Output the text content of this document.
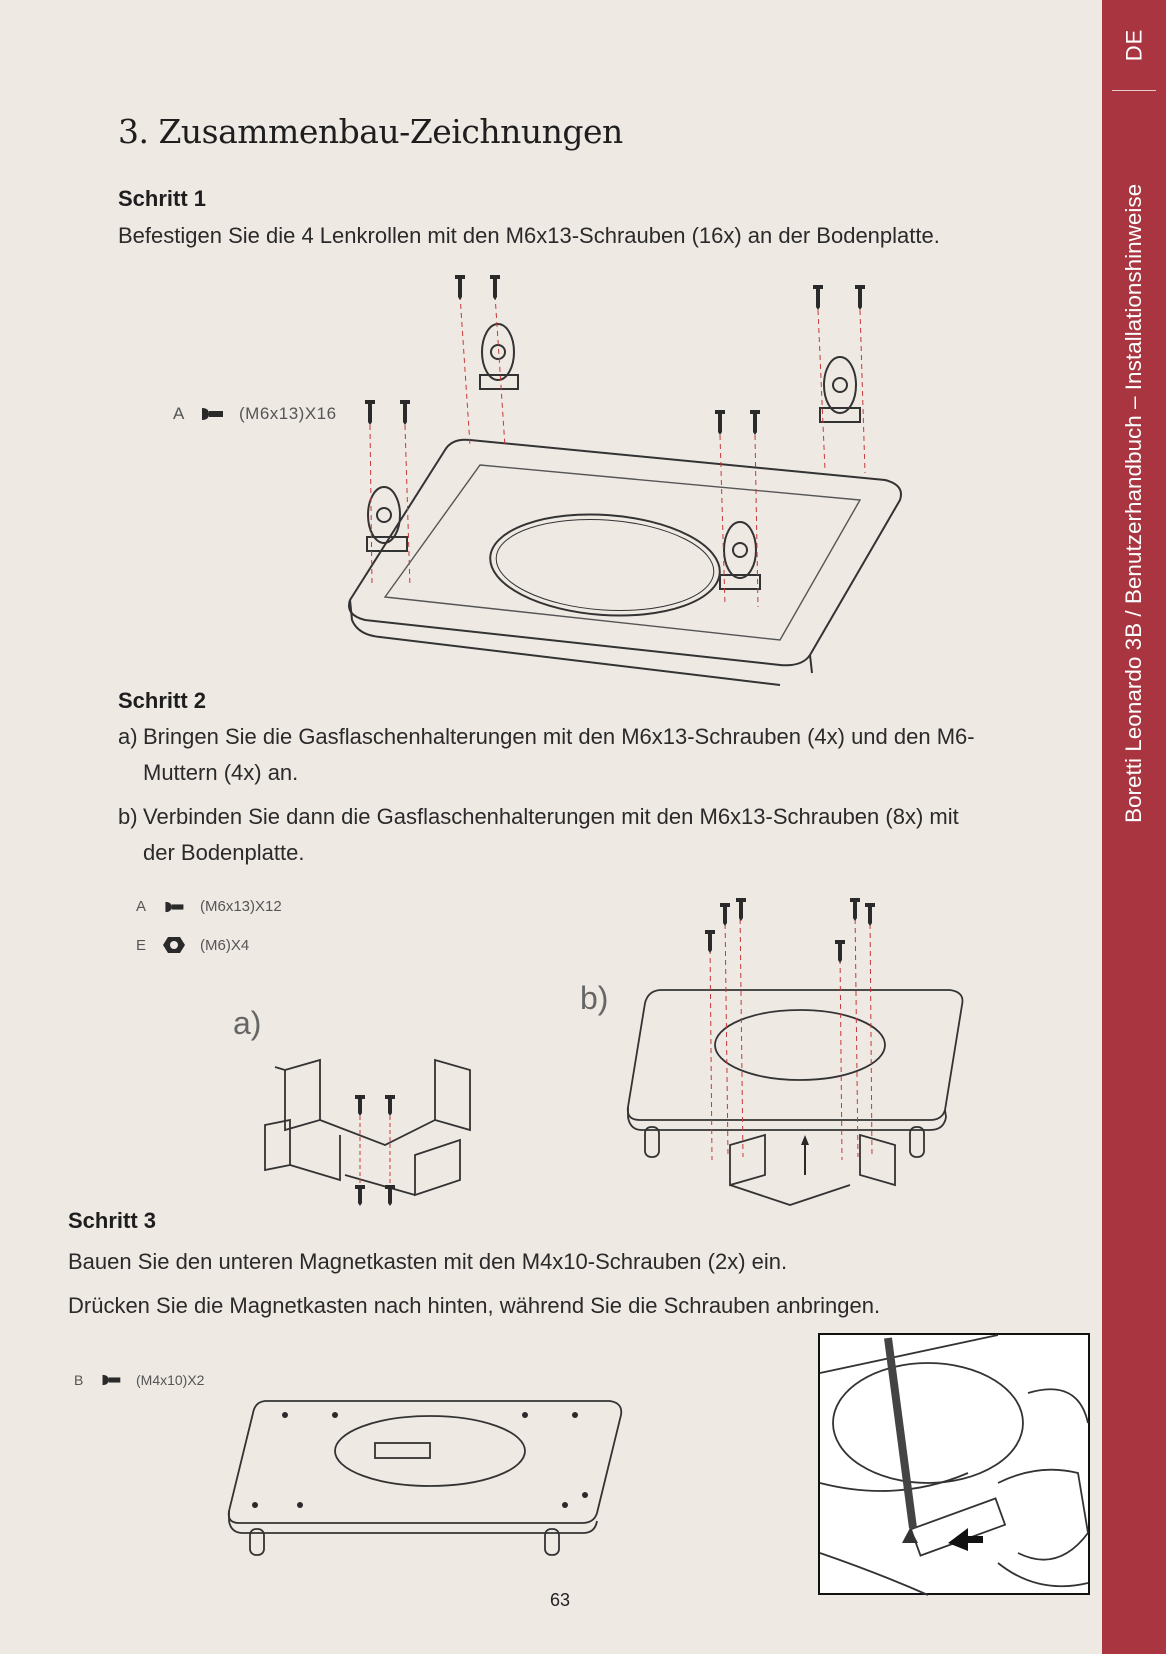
DE
Boretti Leonardo 3B / Benutzerhandbuch – Installationshinweise
3. Zusammenbau-Zeichnungen
Schritt 1

Befestigen Sie die 4 Lenkrollen mit den M6x13-Schrauben (16x) an der Bodenplatte.

A	(M6x13)X16
Schritt 2
a) Bringen Sie die Gasflaschenhalterungen mit den M6x13-Schrauben (4x) und den M6-Muttern (4x) an.
b) Verbinden Sie dann die Gasflaschenhalterungen mit den M6x13-Schrauben (8x) mit der Bodenplatte.
A	(M6x13)X12
E	(M6)X4
a)
b)
Schritt 3

Bauen Sie den unteren Magnetkasten mit den M4x10-Schrauben (2x) ein.

Drücken Sie die Magnetkasten nach hinten, während Sie die Schrauben anbringen.

B	(M4x10)X2
63
